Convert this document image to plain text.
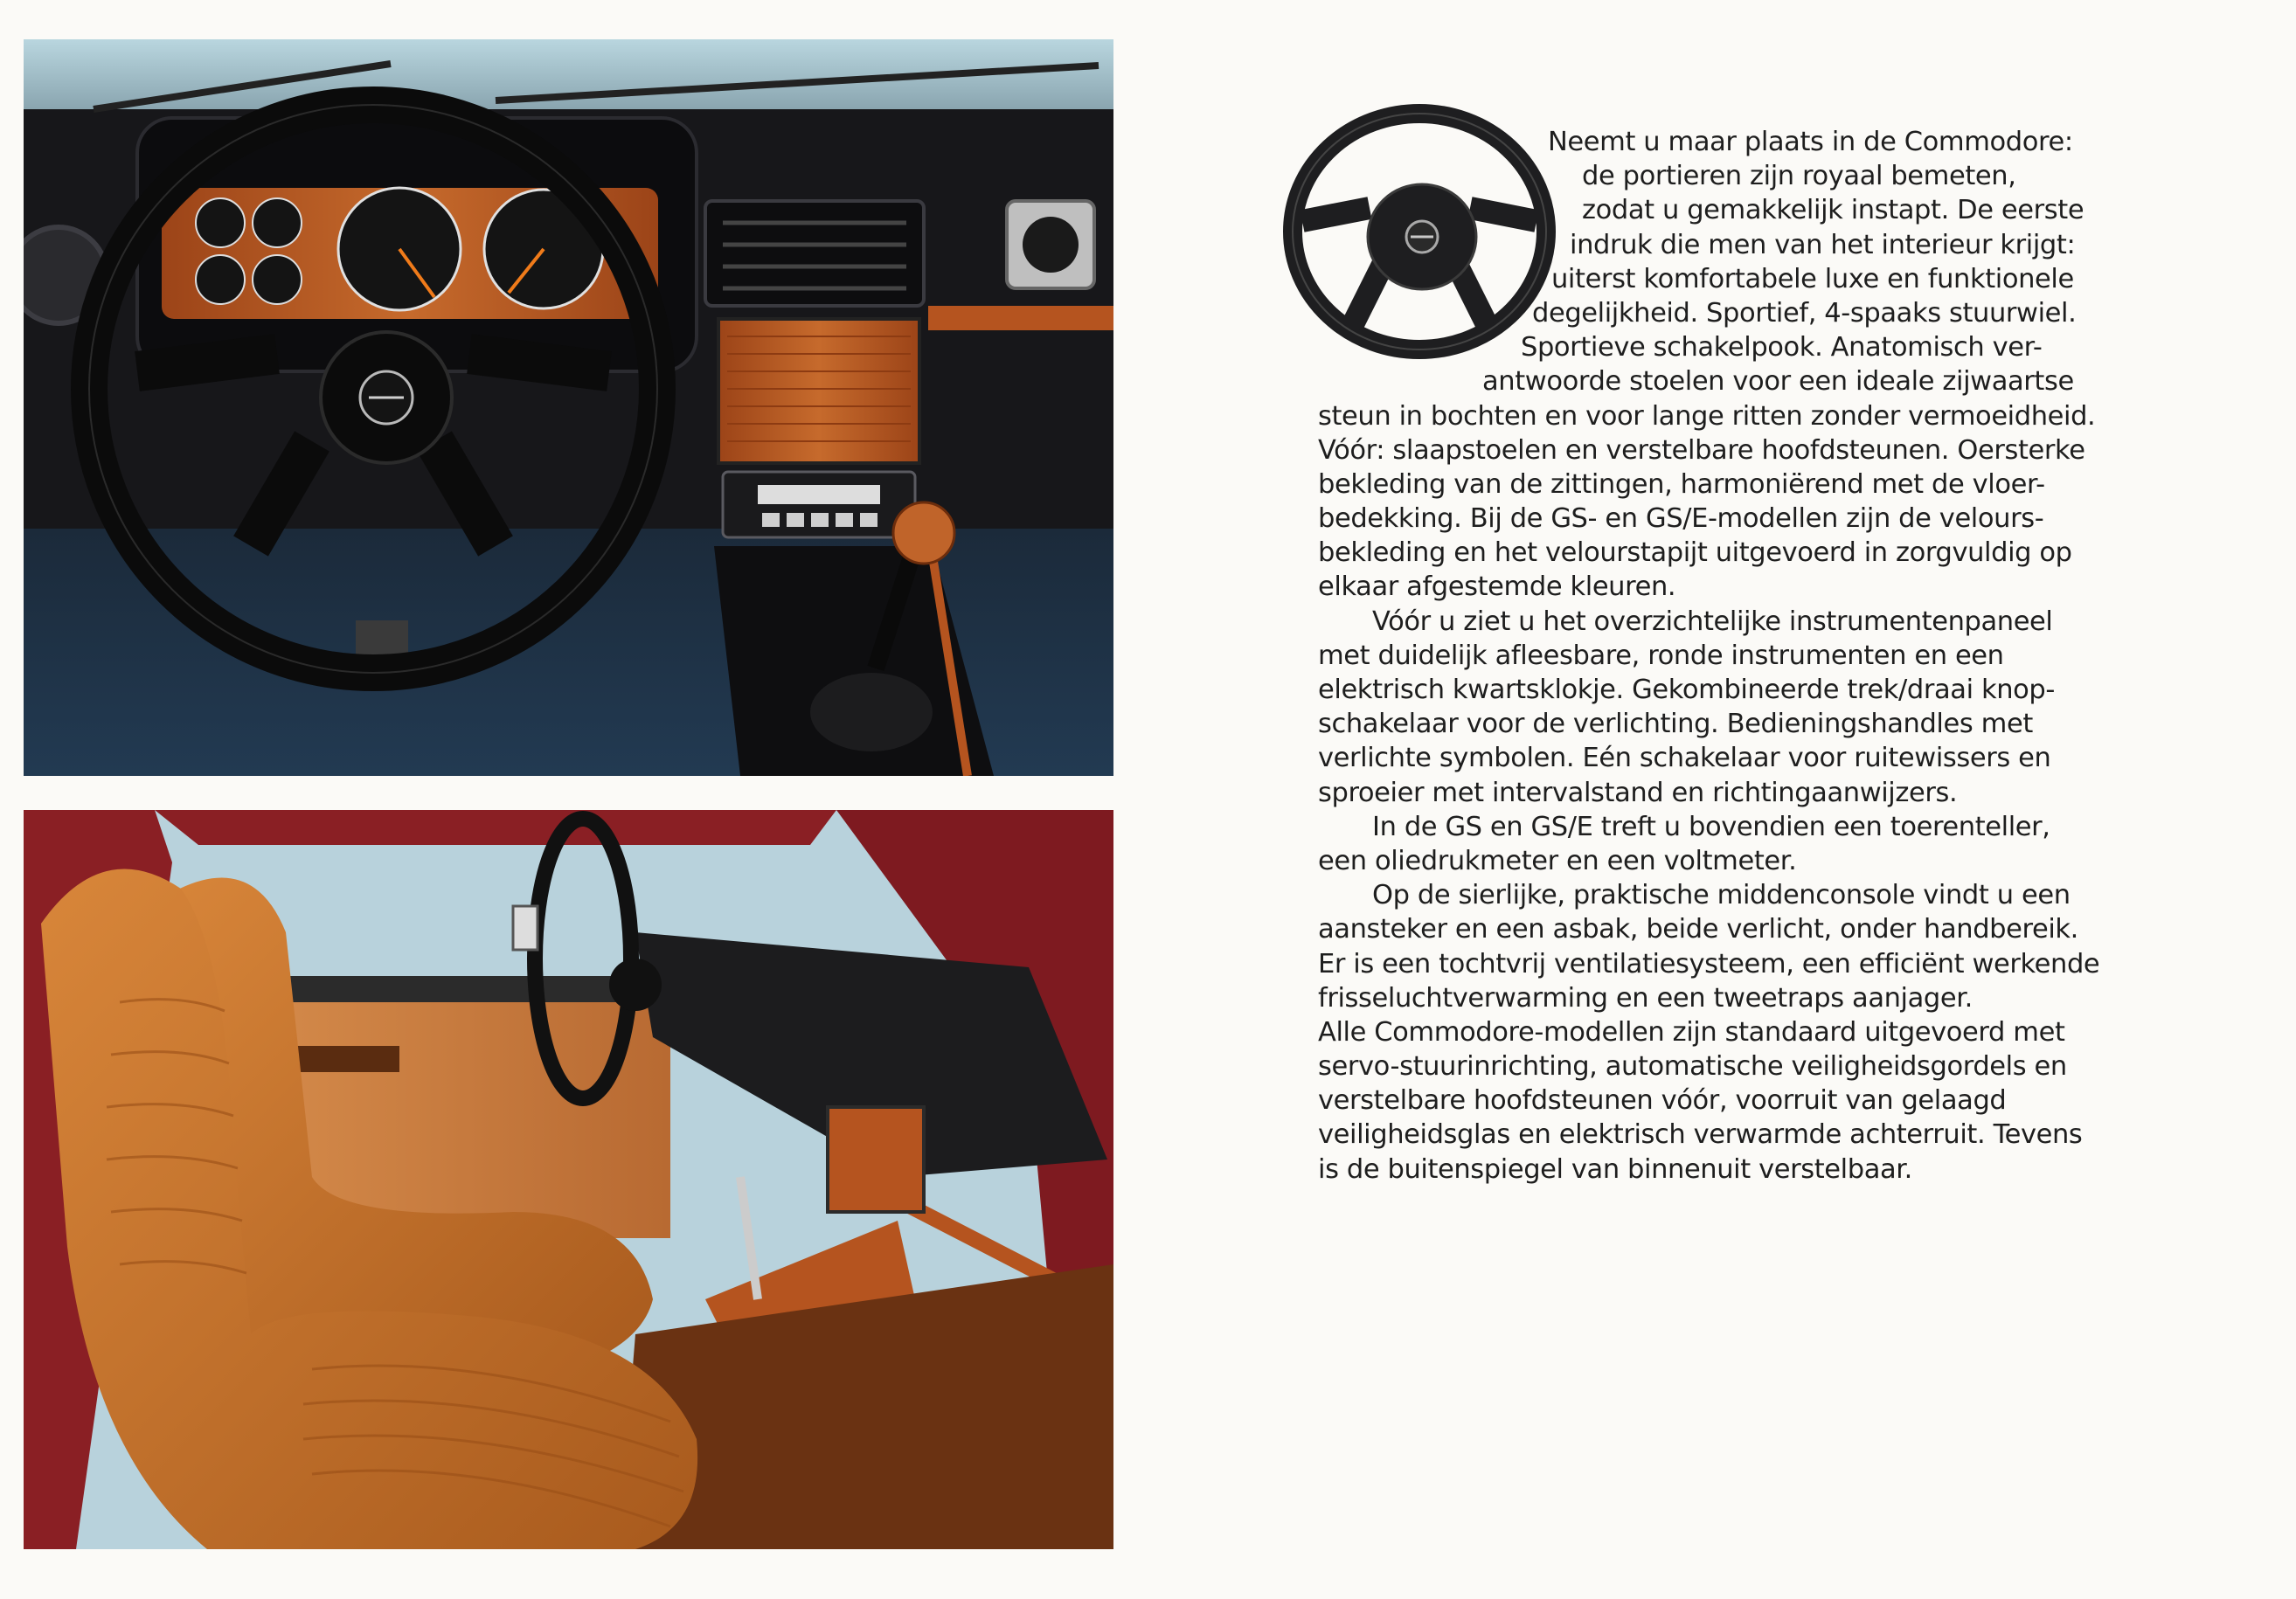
Neemt u maar plaats in de Commodore:
de portieren zijn royaal bemeten,
zodat u gemakkelijk instapt. De eerste
indruk die men van het interieur krijgt:
uiterst komfortabele luxe en funktionele
degelijkheid. Sportief, 4-spaaks stuurwiel.
Sportieve schakelpook. Anatomisch ver-
antwoorde stoelen voor een ideale zijwaartse
steun in bochten en voor lange ritten zonder vermoeidheid.
Vóór: slaapstoelen en verstelbare hoofdsteunen. Oersterke
bekleding van de zittingen, harmoniërend met de vloer-
bedekking. Bij de GS- en GS/E-modellen zijn de velours-
bekleding en het velourstapijt uitgevoerd in zorgvuldig op
elkaar afgestemde kleuren.
Vóór u ziet u het overzichtelijke instrumentenpaneel
met duidelijk afleesbare, ronde instrumenten en een
elektrisch kwartsklokje. Gekombineerde trek/draai knop-
schakelaar voor de verlichting. Bedieningshandles met
verlichte symbolen. Eén schakelaar voor ruitewissers en
sproeier met intervalstand en richtingaanwijzers.
In de GS en GS/E treft u bovendien een toerenteller,
een oliedrukmeter en een voltmeter.
Op de sierlijke, praktische middenconsole vindt u een
aansteker en een asbak, beide verlicht, onder handbereik.
Er is een tochtvrij ventilatiesysteem, een efficiënt werkende
frisseluchtverwarming en een tweetraps aanjager.
Alle Commodore-modellen zijn standaard uitgevoerd met
servo-stuurinrichting, automatische veiligheidsgordels en
verstelbare hoofdsteunen vóór, voorruit van gelaagd
veiligheidsglas en elektrisch verwarmde achterruit. Tevens
is de buitenspiegel van binnenuit verstelbaar.
